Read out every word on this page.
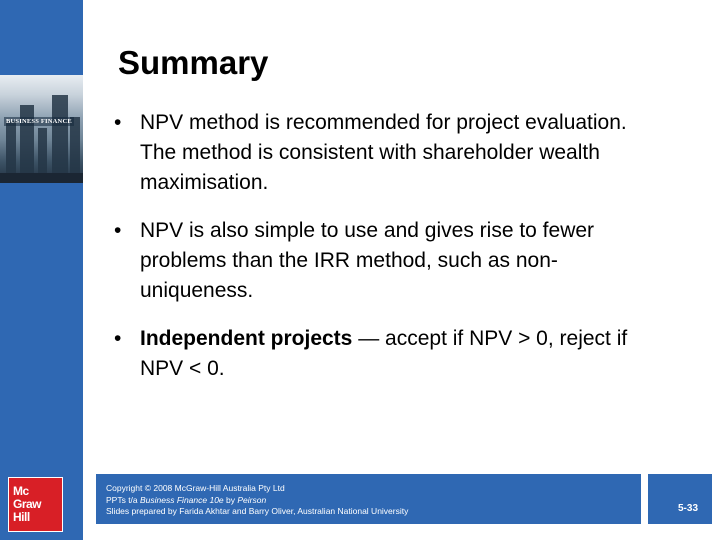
BUSINESS FINANCE
Mc
Graw
Hill
Summary
• NPV method is recommended for project evaluation. The method is consistent with shareholder wealth maximisation.
• NPV is also simple to use and gives rise to fewer problems than the IRR method, such as non-uniqueness.
• Independent projects — accept if NPV > 0, reject if NPV < 0.
Copyright © 2008 McGraw-Hill Australia Pty Ltd
PPTs t/a Business Finance 10e by Peirson
Slides prepared by Farida Akhtar and Barry Oliver, Australian National University	5-33
